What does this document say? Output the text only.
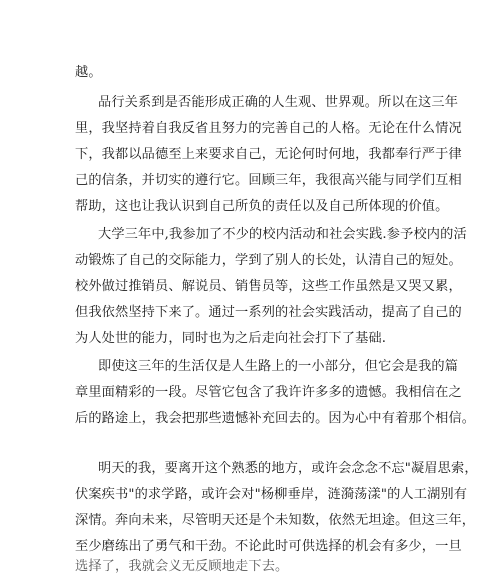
越。
品行关系到是否能形成正确的人生观、世界观。所以在这三年
里，我坚持着自我反省且努力的完善自己的人格。无论在什么情况
下，我都以品德至上来要求自己，无论何时何地，我都奉行严于律
己的信条，并切实的遵行它。回顾三年，我很高兴能与同学们互相
帮助，这也让我认识到自己所负的责任以及自己所体现的价值。
大学三年中,我参加了不少的校内活动和社会实践.参予校内的活
动锻炼了自己的交际能力，学到了别人的长处，认清自己的短处。
校外做过推销员、解说员、销售员等，这些工作虽然是又哭又累，
但我依然坚持下来了。通过一系列的社会实践活动，提高了自己的
为人处世的能力，同时也为之后走向社会打下了基础.
即使这三年的生活仅是人生路上的一小部分，但它会是我的篇
章里面精彩的一段。尽管它包含了我许许多多的遗憾。我相信在之
后的路途上，我会把那些遗憾补充回去的。因为心中有着那个相信。
明天的我，要离开这个熟悉的地方，或许会念念不忘"凝眉思索，
伏案疾书"的求学路，或许会对"杨柳垂岸，涟漪荡漾"的人工湖别有
深情。奔向未来，尽管明天还是个未知数，依然无坦途。但这三年，
至少磨练出了勇气和干劲。不论此时可供选择的机会有多少，一旦
选择了，我就会义无反顾地走下去。
